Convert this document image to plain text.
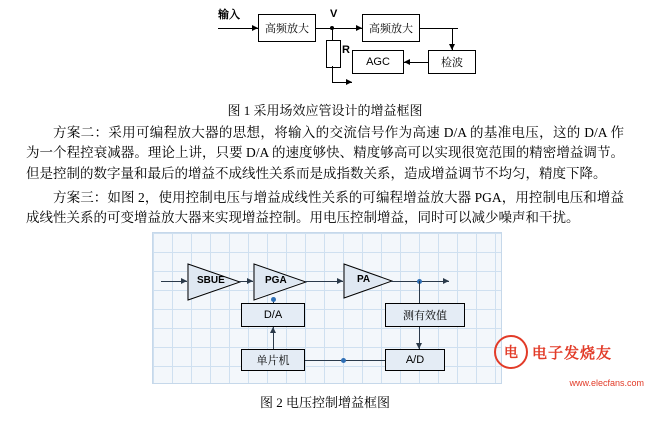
输入
高频放大
V
R
高频放大
检波
AGC

图 1 采用场效应管设计的增益框图

方案二：采用可编程放大器的思想，将输入的交流信号作为高速 D/A 的基准电压，这的 D/A 作为一个程控衰减器。理论上讲，只要 D/A 的速度够快、精度够高可以实现很宽范围的精密增益调节。但是控制的数字量和最后的增益不成线性关系而是成指数关系，造成增益调节不均匀，精度下降。

方案三：如图 2，使用控制电压与增益成线性关系的可编程增益放大器 PGA，用控制电压和增益成线性关系的可变增益放大器来实现增益控制。用电压控制增益，同时可以减少噪声和干扰。

SBUE	PGA	PA
测有效值
A/D
单片机
D/A
电 电子发烧友
www.elecfans.com

图 2 电压控制增益框图
